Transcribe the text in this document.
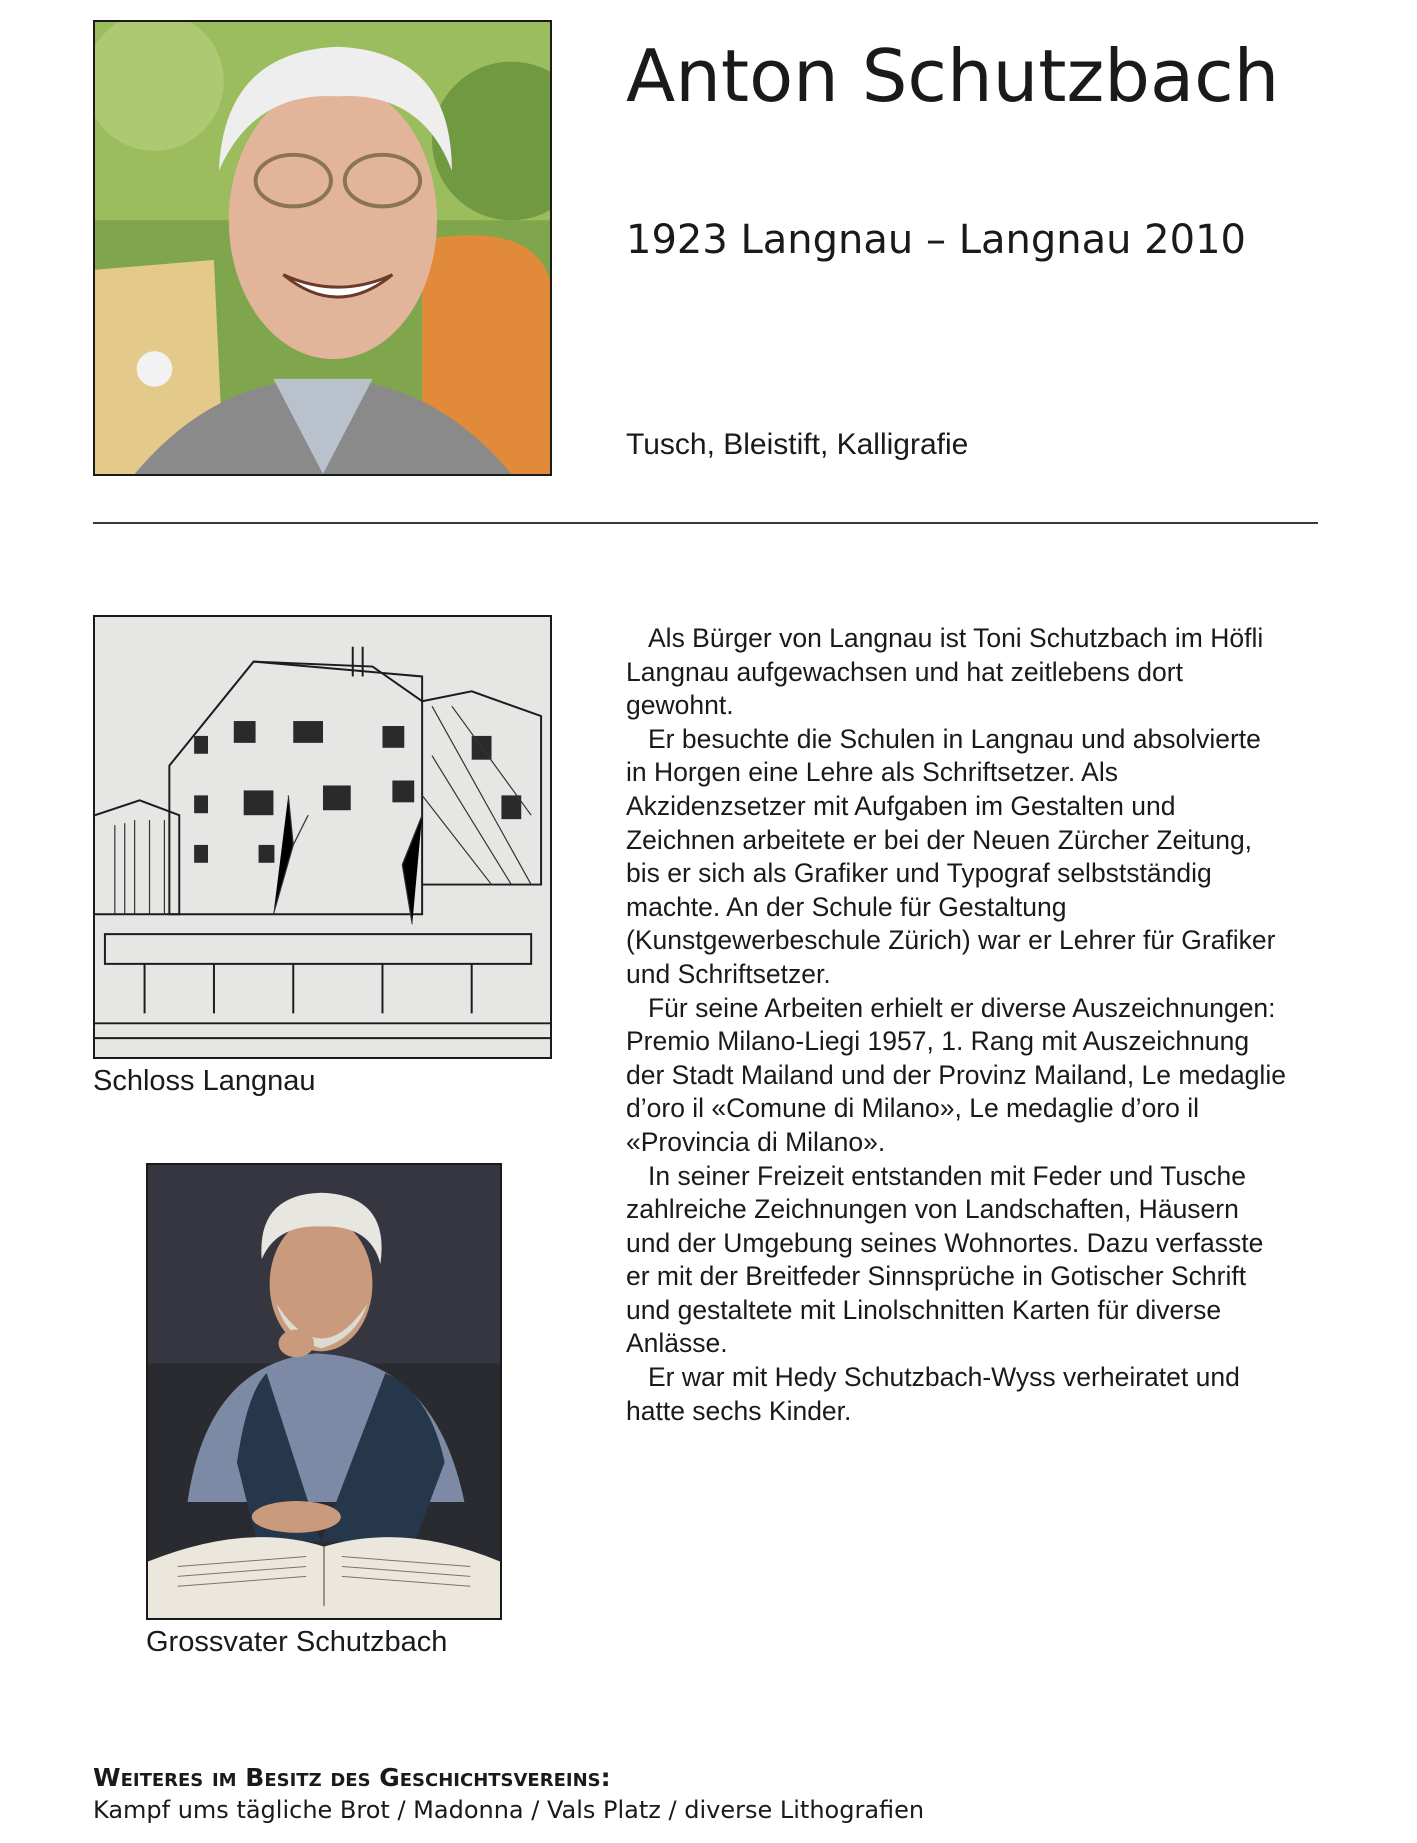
Anton Schutzbach

1923 Langnau – Langnau 2010

Tusch, Bleistift, Kalligrafie

Schloss Langnau

Grossvater Schutzbach

Als Bürger von Langnau ist Toni Schutzbach im Höfli Langnau aufgewachsen und hat zeitlebens dort gewohnt.

Er besuchte die Schulen in Langnau und absolvierte in Horgen eine Lehre als Schriftsetzer. Als Akzidenzsetzer mit Aufgaben im Gestalten und Zeichnen arbeitete er bei der Neuen Zürcher Zeitung, bis er sich als Grafiker und Typograf selbstständig machte. An der Schule für Gestaltung (Kunstgewerbeschule Zürich) war er Lehrer für Grafiker und Schriftsetzer.

Für seine Arbeiten erhielt er diverse Auszeichnungen: Premio Milano-Liegi 1957, 1. Rang mit Auszeichnung der Stadt Mailand und der Provinz Mailand, Le medaglie d’oro il «Comune di Milano», Le medaglie d’oro il «Provincia di Milano».

In seiner Freizeit entstanden mit Feder und Tusche zahlreiche Zeichnungen von Landschaften, Häusern und der Umgebung seines Wohnortes. Dazu verfasste er mit der Breitfeder Sinnsprüche in Gotischer Schrift und gestaltete mit Linolschnitten Karten für diverse Anlässe.

Er war mit Hedy Schutzbach-Wyss verheiratet und hatte sechs Kinder.

Weiteres im Besitz des Geschichtsvereins:

Kampf ums tägliche Brot / Madonna / Vals Platz / diverse Lithografien
